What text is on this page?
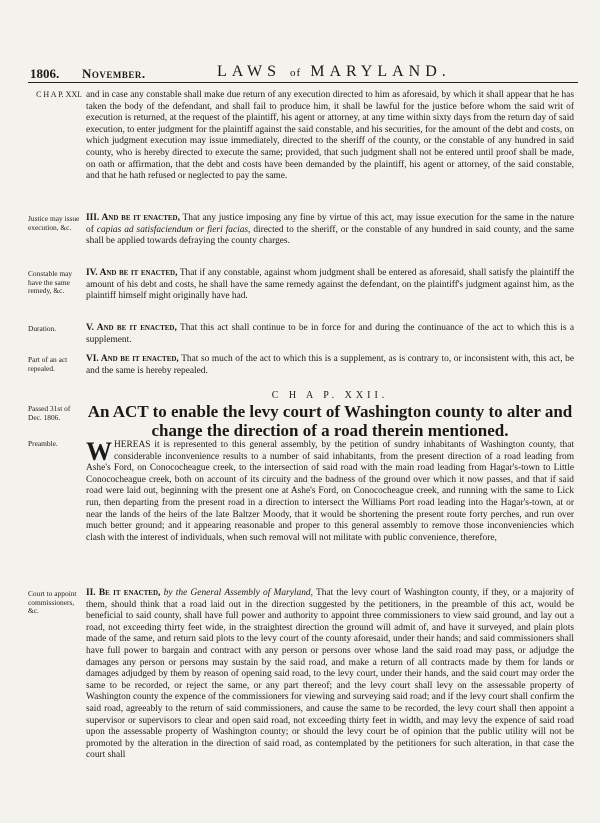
1806. November.	LAWS of MARYLAND.
C H A P. XXI. and in case any constable shall make due return of any execution directed to him as aforesaid, by which it shall appear that he has taken the body of the defendant, and shall fail to produce him, it shall be lawful for the justice before whom the said writ of execution is returned, at the request of the plaintiff, his agent or attorney, at any time within sixty days from the return day of said execution, to enter judgment for the plaintiff against the said constable, and his securities, for the amount of the debt and costs, on which judgment execution may issue immediately, directed to the sheriff of the county, or the constable of any hundred in said county, who is hereby directed to execute the same; provided, that such judgment shall not be entered until proof shall be made, on oath or affirmation, that the debt and costs have been demanded by the plaintiff, his agent or attorney, of the said constable, and that he hath refused or neglected to pay the same.
Justice may issue execution, &c.
III. And be it enacted, That any justice imposing any fine by virtue of this act, may issue execution for the same in the nature of capias ad satisfaciendum or fieri facias, directed to the sheriff, or the constable of any hundred in said county, and the same shall be applied towards defraying the county charges.
Constable may have the same remedy, &c.
IV. And be it enacted, That if any constable, against whom judgment shall be entered as aforesaid, shall satisfy the plaintiff the amount of his debt and costs, he shall have the same remedy against the defendant, on the plaintiff's judgment against him, as the plaintiff himself might originally have had.
Duration.	V. And be it enacted, That this act shall continue to be in force for and during the continuance of the act to which this is a supplement.
Part of an act repealed.
VI. And be it enacted, That so much of the act to which this is a supplement, as is contrary to, or inconsistent with, this act, be and the same is hereby repealed.
C H A P. XXII.
Passed 31st of Dec. 1806.	An ACT to enable the levy court of Washington county to alter and change the direction of a road therein mentioned.
Preamble.	WHEREAS it is represented to this general assembly, by the petition of sundry inhabitants of Washington county, that considerable inconvenience results to a number of said inhabitants, from the present direction of a road leading from Ashe's Ford, on Conococheague creek, to the intersection of said road with the main road leading from Hagar's-town to Little Conococheague creek, both on account of its circuity and the badness of the ground over which it now passes, and that if said road were laid out, beginning with the present one at Ashe's Ford, on Conococheague creek, and running with the same to Lick run, then departing from the present road in a direction to intersect the Williams Port road leading into the Hagar's-town, at or near the lands of the heirs of the late Baltzer Moody, that it would be shortening the present route forty perches, and run over much better ground; and it appearing reasonable and proper to this general assembly to remove those inconveniencies which clash with the interest of individuals, when such removal will not militate with public convenience, therefore,
Court to appoint commissioners, &c.
II. Be it enacted, by the General Assembly of Maryland, That the levy court of Washington county, if they, or a majority of them, should think that a road laid out in the direction suggested by the petitioners, in the preamble of this act, would be beneficial to said county, shall have full power and authority to appoint three commissioners to view said ground, and lay out a road, not exceeding thirty feet wide, in the straightest direction the ground will admit of, and have it surveyed, and plain plots made of the same, and return said plots to the levy court of the county aforesaid, under their hands; and said commissioners shall have full power to bargain and contract with any person or persons over whose land the said road may pass, or adjudge the damages any person or persons may sustain by the said road, and make a return of all contracts made by them for lands or damages adjudged by them by reason of opening said road, to the levy court, under their hands, and the said court may order the same to be recorded, or reject the same, or any part thereof; and the levy court shall levy on the assessable property of Washington county the expence of the commissioners for viewing and surveying said road; and if the levy court shall confirm the said road, agreeably to the return of said commissioners, and cause the same to be recorded, the levy court shall then appoint a supervisor or supervisors to clear and open said road, not exceeding thirty feet in width, and may levy the expence of said road upon the assessable property of Washington county; or should the levy court be of opinion that the public utility will not be promoted by the alteration in the direction of said road, as contemplated by the petitioners for such alteration, in that case the court shall
